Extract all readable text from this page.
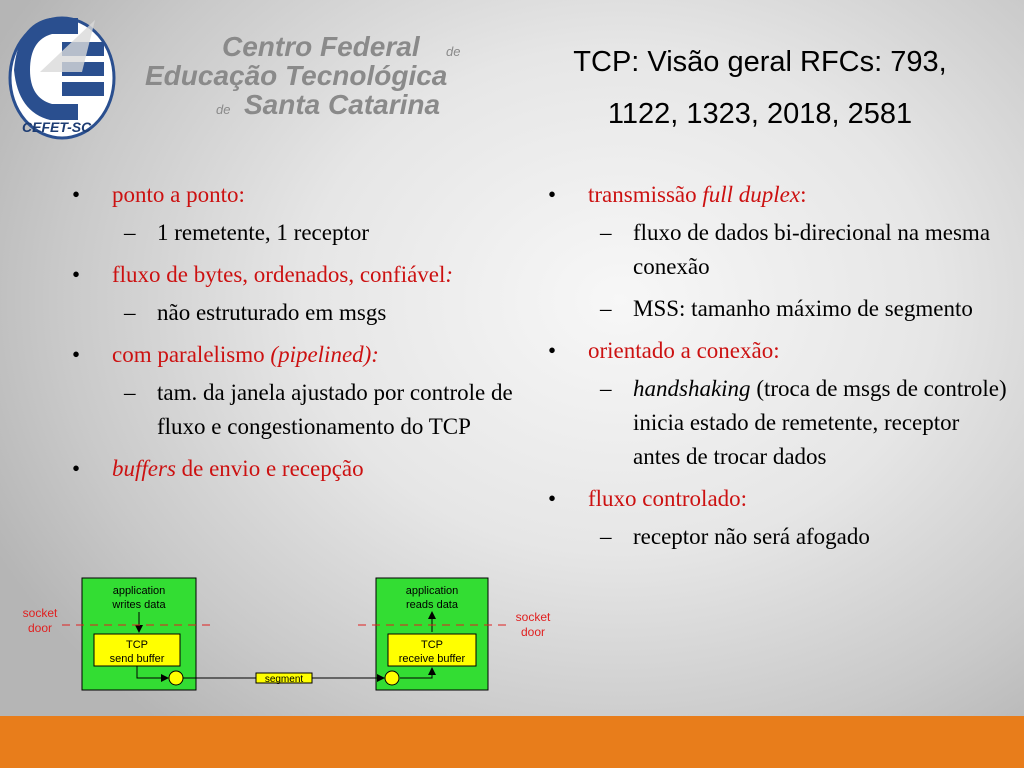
CEFET-SC
Centro Federal de
Educação Tecnológica
de Santa Catarina
TCP: Visão geral RFCs: 793,
1122, 1323, 2018, 2581
•	ponto a ponto:
– 1 remetente, 1 receptor
•	fluxo de bytes, ordenados, confiável:
– não estruturado em msgs
•	com paralelismo (pipelined):
– tam. da janela ajustado por controle de fluxo e congestionamento do TCP
•	buffers de envio e recepção
•	transmissão full duplex:
– fluxo de dados bi-direcional na mesma conexão
– MSS: tamanho máximo de segmento
•	orientado a conexão:
– handshaking (troca de msgs de controle) inicia estado de remetente, receptor antes de trocar dados
•	fluxo controlado:
– receptor não será afogado
application
writes data
TCP
send buffer
application
reads data
TCP
receive buffer
segment
socket
door
socket
door
